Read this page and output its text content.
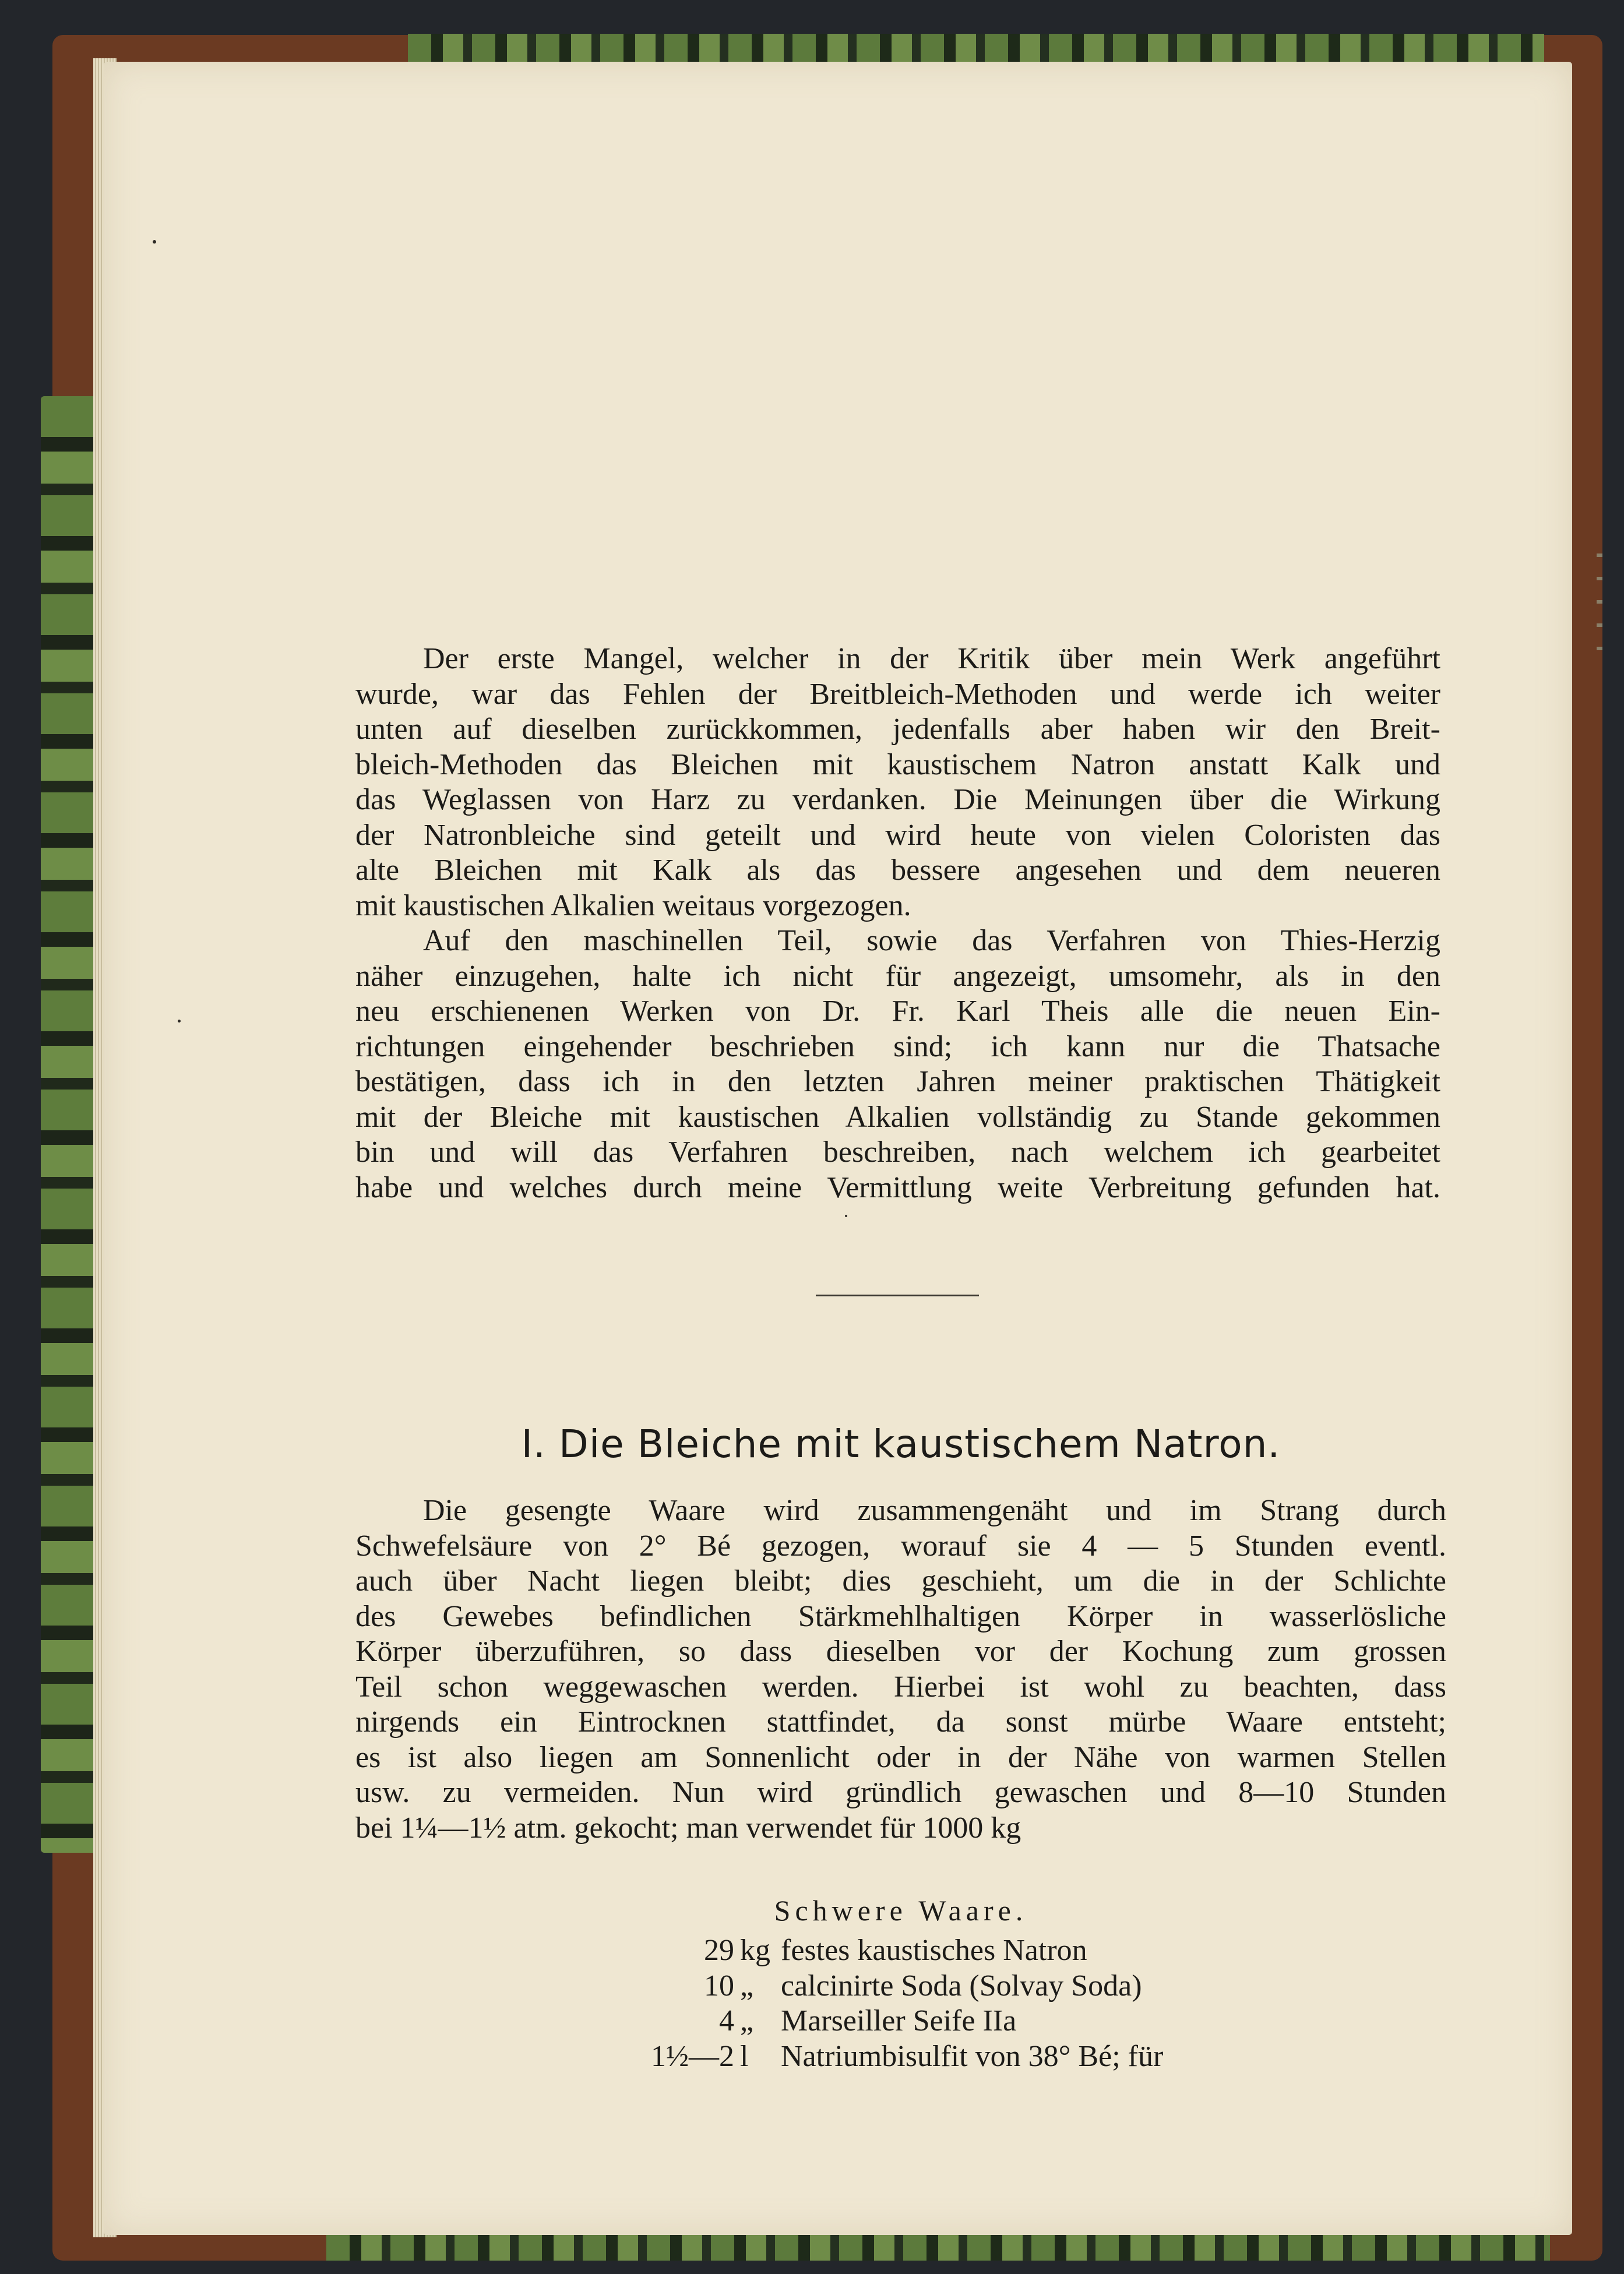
Der erste Mangel, welcher in der Kritik über mein Werk angeführt
wurde, war das Fehlen der Breitbleich-Methoden und werde ich weiter
unten auf dieselben zurückkommen, jedenfalls aber haben wir den Breit-
bleich-Methoden das Bleichen mit kaustischem Natron anstatt Kalk und
das Weglassen von Harz zu verdanken. Die Meinungen über die Wirkung
der Natronbleiche sind geteilt und wird heute von vielen Coloristen das
alte Bleichen mit Kalk als das bessere angesehen und dem neueren
mit kaustischen Alkalien weitaus vorgezogen.
Auf den maschinellen Teil, sowie das Verfahren von Thies-Herzig
näher einzugehen, halte ich nicht für angezeigt, umsomehr, als in den
neu erschienenen Werken von Dr. Fr. Karl Theis alle die neuen Ein-
richtungen eingehender beschrieben sind; ich kann nur die Thatsache
bestätigen, dass ich in den letzten Jahren meiner praktischen Thätigkeit
mit der Bleiche mit kaustischen Alkalien vollständig zu Stande gekommen
bin und will das Verfahren beschreiben, nach welchem ich gearbeitet
habe und welches durch meine Vermittlung weite Verbreitung gefunden hat.
I. Die Bleiche mit kaustischem Natron.
Die gesengte Waare wird zusammengenäht und im Strang durch
Schwefelsäure von 2° Bé gezogen, worauf sie 4 — 5 Stunden eventl.
auch über Nacht liegen bleibt; dies geschieht, um die in der Schlichte
des Gewebes befindlichen Stärkmehlhaltigen Körper in wasserlösliche
Körper überzuführen, so dass dieselben vor der Kochung zum grossen
Teil schon weggewaschen werden. Hierbei ist wohl zu beachten, dass
nirgends ein Eintrocknen stattfindet, da sonst mürbe Waare entsteht;
es ist also liegen am Sonnenlicht oder in der Nähe von warmen Stellen
usw. zu vermeiden. Nun wird gründlich gewaschen und 8—10 Stunden
bei 1¼—1½ atm. gekocht; man verwendet für 1000 kg
Schwere Waare.
29 kg festes kaustisches Natron
10 „ calcinirte Soda (Solvay Soda)
4 „ Marseiller Seife IIa
1½—2 l	Natriumbisulfit von 38° Bé; für
